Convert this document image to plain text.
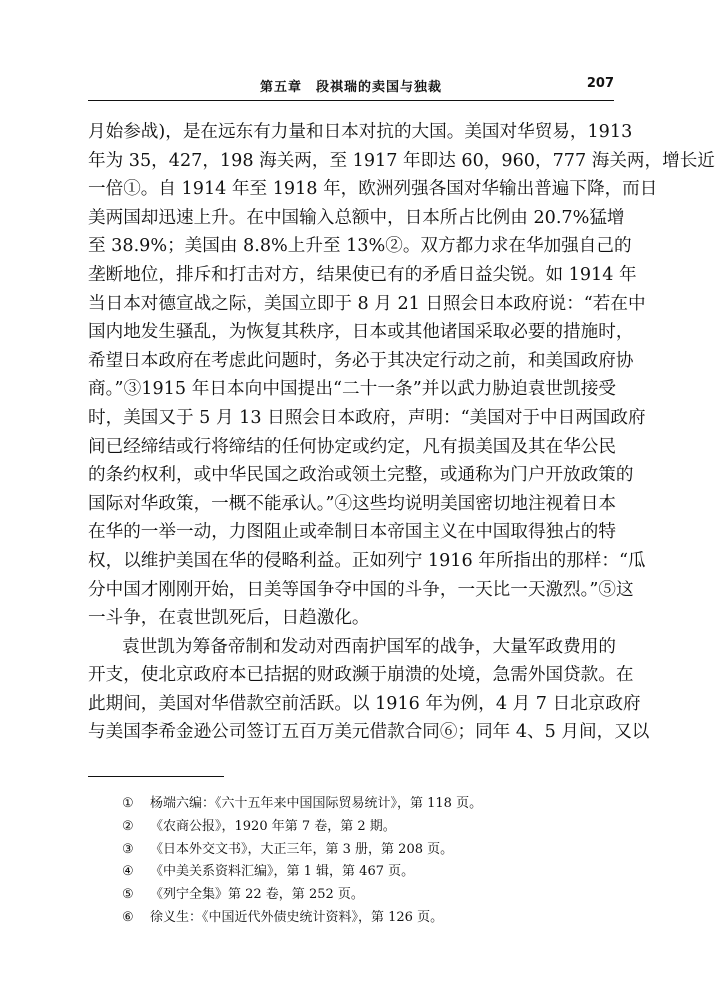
第五章　段祺瑞的卖国与独裁	207
月始参战)，是在远东有力量和日本对抗的大国。美国对华贸易，1913
年为 35，427，198 海关两，至 1917 年即达 60，960，777 海关两，增长近
一倍①。自 1914 年至 1918 年，欧洲列强各国对华输出普遍下降，而日
美两国却迅速上升。在中国输入总额中，日本所占比例由 20.7%猛增
至 38.9%；美国由 8.8%上升至 13%②。双方都力求在华加强自己的
垄断地位，排斥和打击对方，结果使已有的矛盾日益尖锐。如 1914 年
当日本对德宣战之际，美国立即于 8 月 21 日照会日本政府说：“若在中
国内地发生骚乱，为恢复其秩序，日本或其他诸国采取必要的措施时，
希望日本政府在考虑此问题时，务必于其决定行动之前，和美国政府协
商。”③1915 年日本向中国提出“二十一条”并以武力胁迫袁世凯接受
时，美国又于 5 月 13 日照会日本政府，声明：“美国对于中日两国政府
间已经缔结或行将缔结的任何协定或约定，凡有损美国及其在华公民
的条约权利，或中华民国之政治或领土完整，或通称为门户开放政策的
国际对华政策，一概不能承认。”④这些均说明美国密切地注视着日本
在华的一举一动，力图阻止或牵制日本帝国主义在中国取得独占的特
权，以维护美国在华的侵略利益。正如列宁 1916 年所指出的那样：“瓜
分中国才刚刚开始，日美等国争夺中国的斗争，一天比一天激烈。”⑤这
一斗争，在袁世凯死后，日趋激化。
袁世凯为筹备帝制和发动对西南护国军的战争，大量军政费用的
开支，使北京政府本已拮据的财政濒于崩溃的处境，急需外国贷款。在
此期间，美国对华借款空前活跃。以 1916 年为例，4 月 7 日北京政府
与美国李希金逊公司签订五百万美元借款合同⑥；同年 4、5 月间，又以
① 杨端六编：《六十五年来中国国际贸易统计》，第 118 页。
② 《农商公报》，1920 年第 7 卷，第 2 期。
③ 《日本外交文书》，大正三年，第 3 册，第 208 页。
④ 《中美关系资料汇编》，第 1 辑，第 467 页。
⑤ 《列宁全集》第 22 卷，第 252 页。
⑥ 徐义生：《中国近代外债史统计资料》，第 126 页。
